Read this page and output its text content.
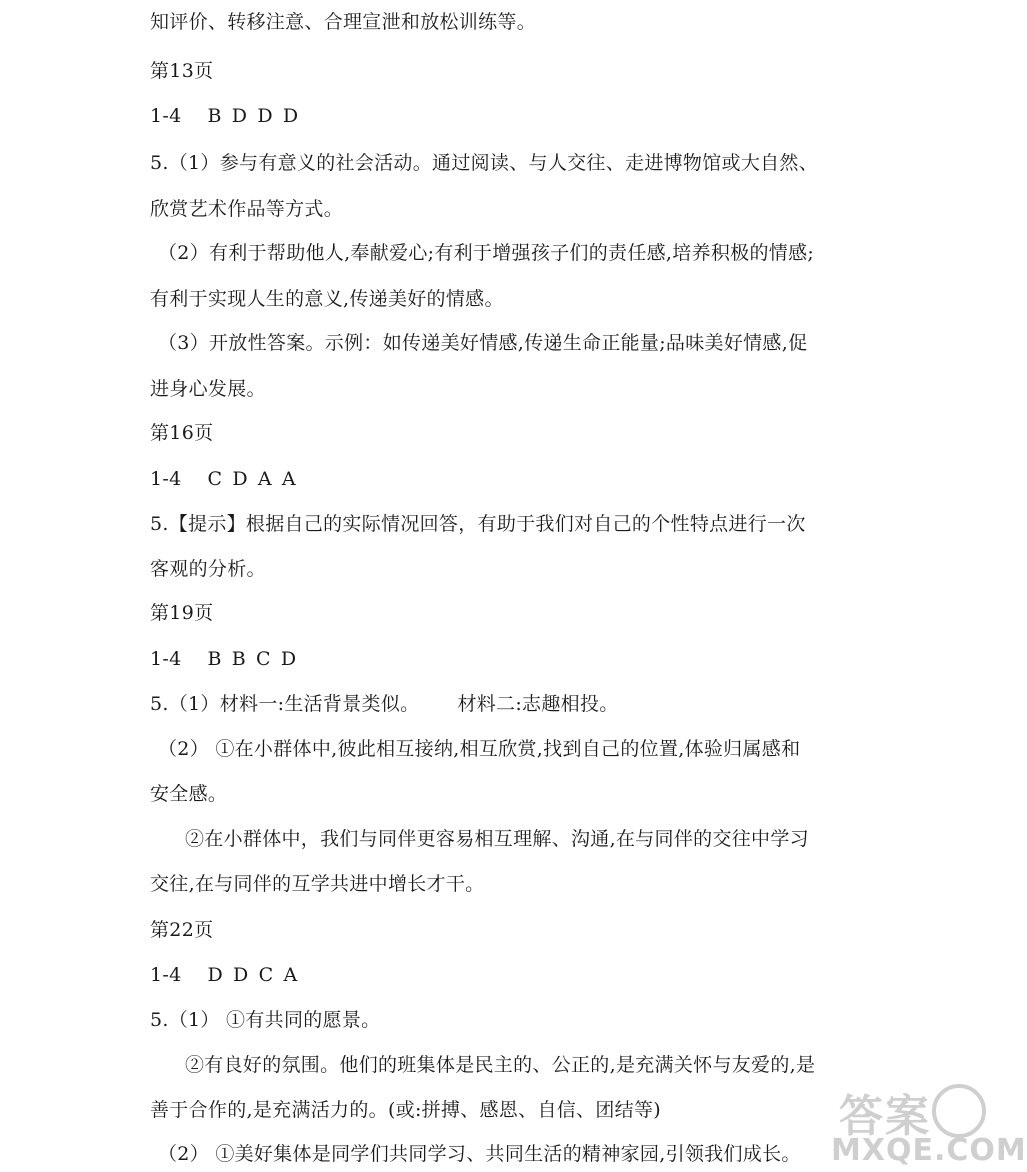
知评价、转移注意、合理宣泄和放松训练等。
第13页
1-4 B D D D
5.（1）参与有意义的社会活动。通过阅读、与人交往、走进博物馆或大自然、
欣赏艺术作品等方式。
（2）有利于帮助他人,奉献爱心;有利于增强孩子们的责任感,培养积极的情感;
有利于实现人生的意义,传递美好的情感。
（3）开放性答案。示例：如传递美好情感,传递生命正能量;品味美好情感,促
进身心发展。
第16页
1-4 C D A A
5.【提示】根据自己的实际情况回答，有助于我们对自己的个性特点进行一次
客观的分析。
第19页
1-4 B B C D
5.（1）材料一:生活背景类似。      材料二:志趣相投。
（2） ①在小群体中,彼此相互接纳,相互欣赏,找到自己的位置,体验归属感和
安全感。
②在小群体中，我们与同伴更容易相互理解、沟通,在与同伴的交往中学习
交往,在与同伴的互学共进中增长才干。
第22页
1-4 D D C A
5.（1） ①有共同的愿景。
②有良好的氛围。他们的班集体是民主的、公正的,是充满关怀与友爱的,是
善于合作的,是充满活力的。(或:拼搏、感恩、自信、团结等)
（2） ①美好集体是同学们共同学习、共同生活的精神家园,引领我们成长。
答案
MXQE.COM
